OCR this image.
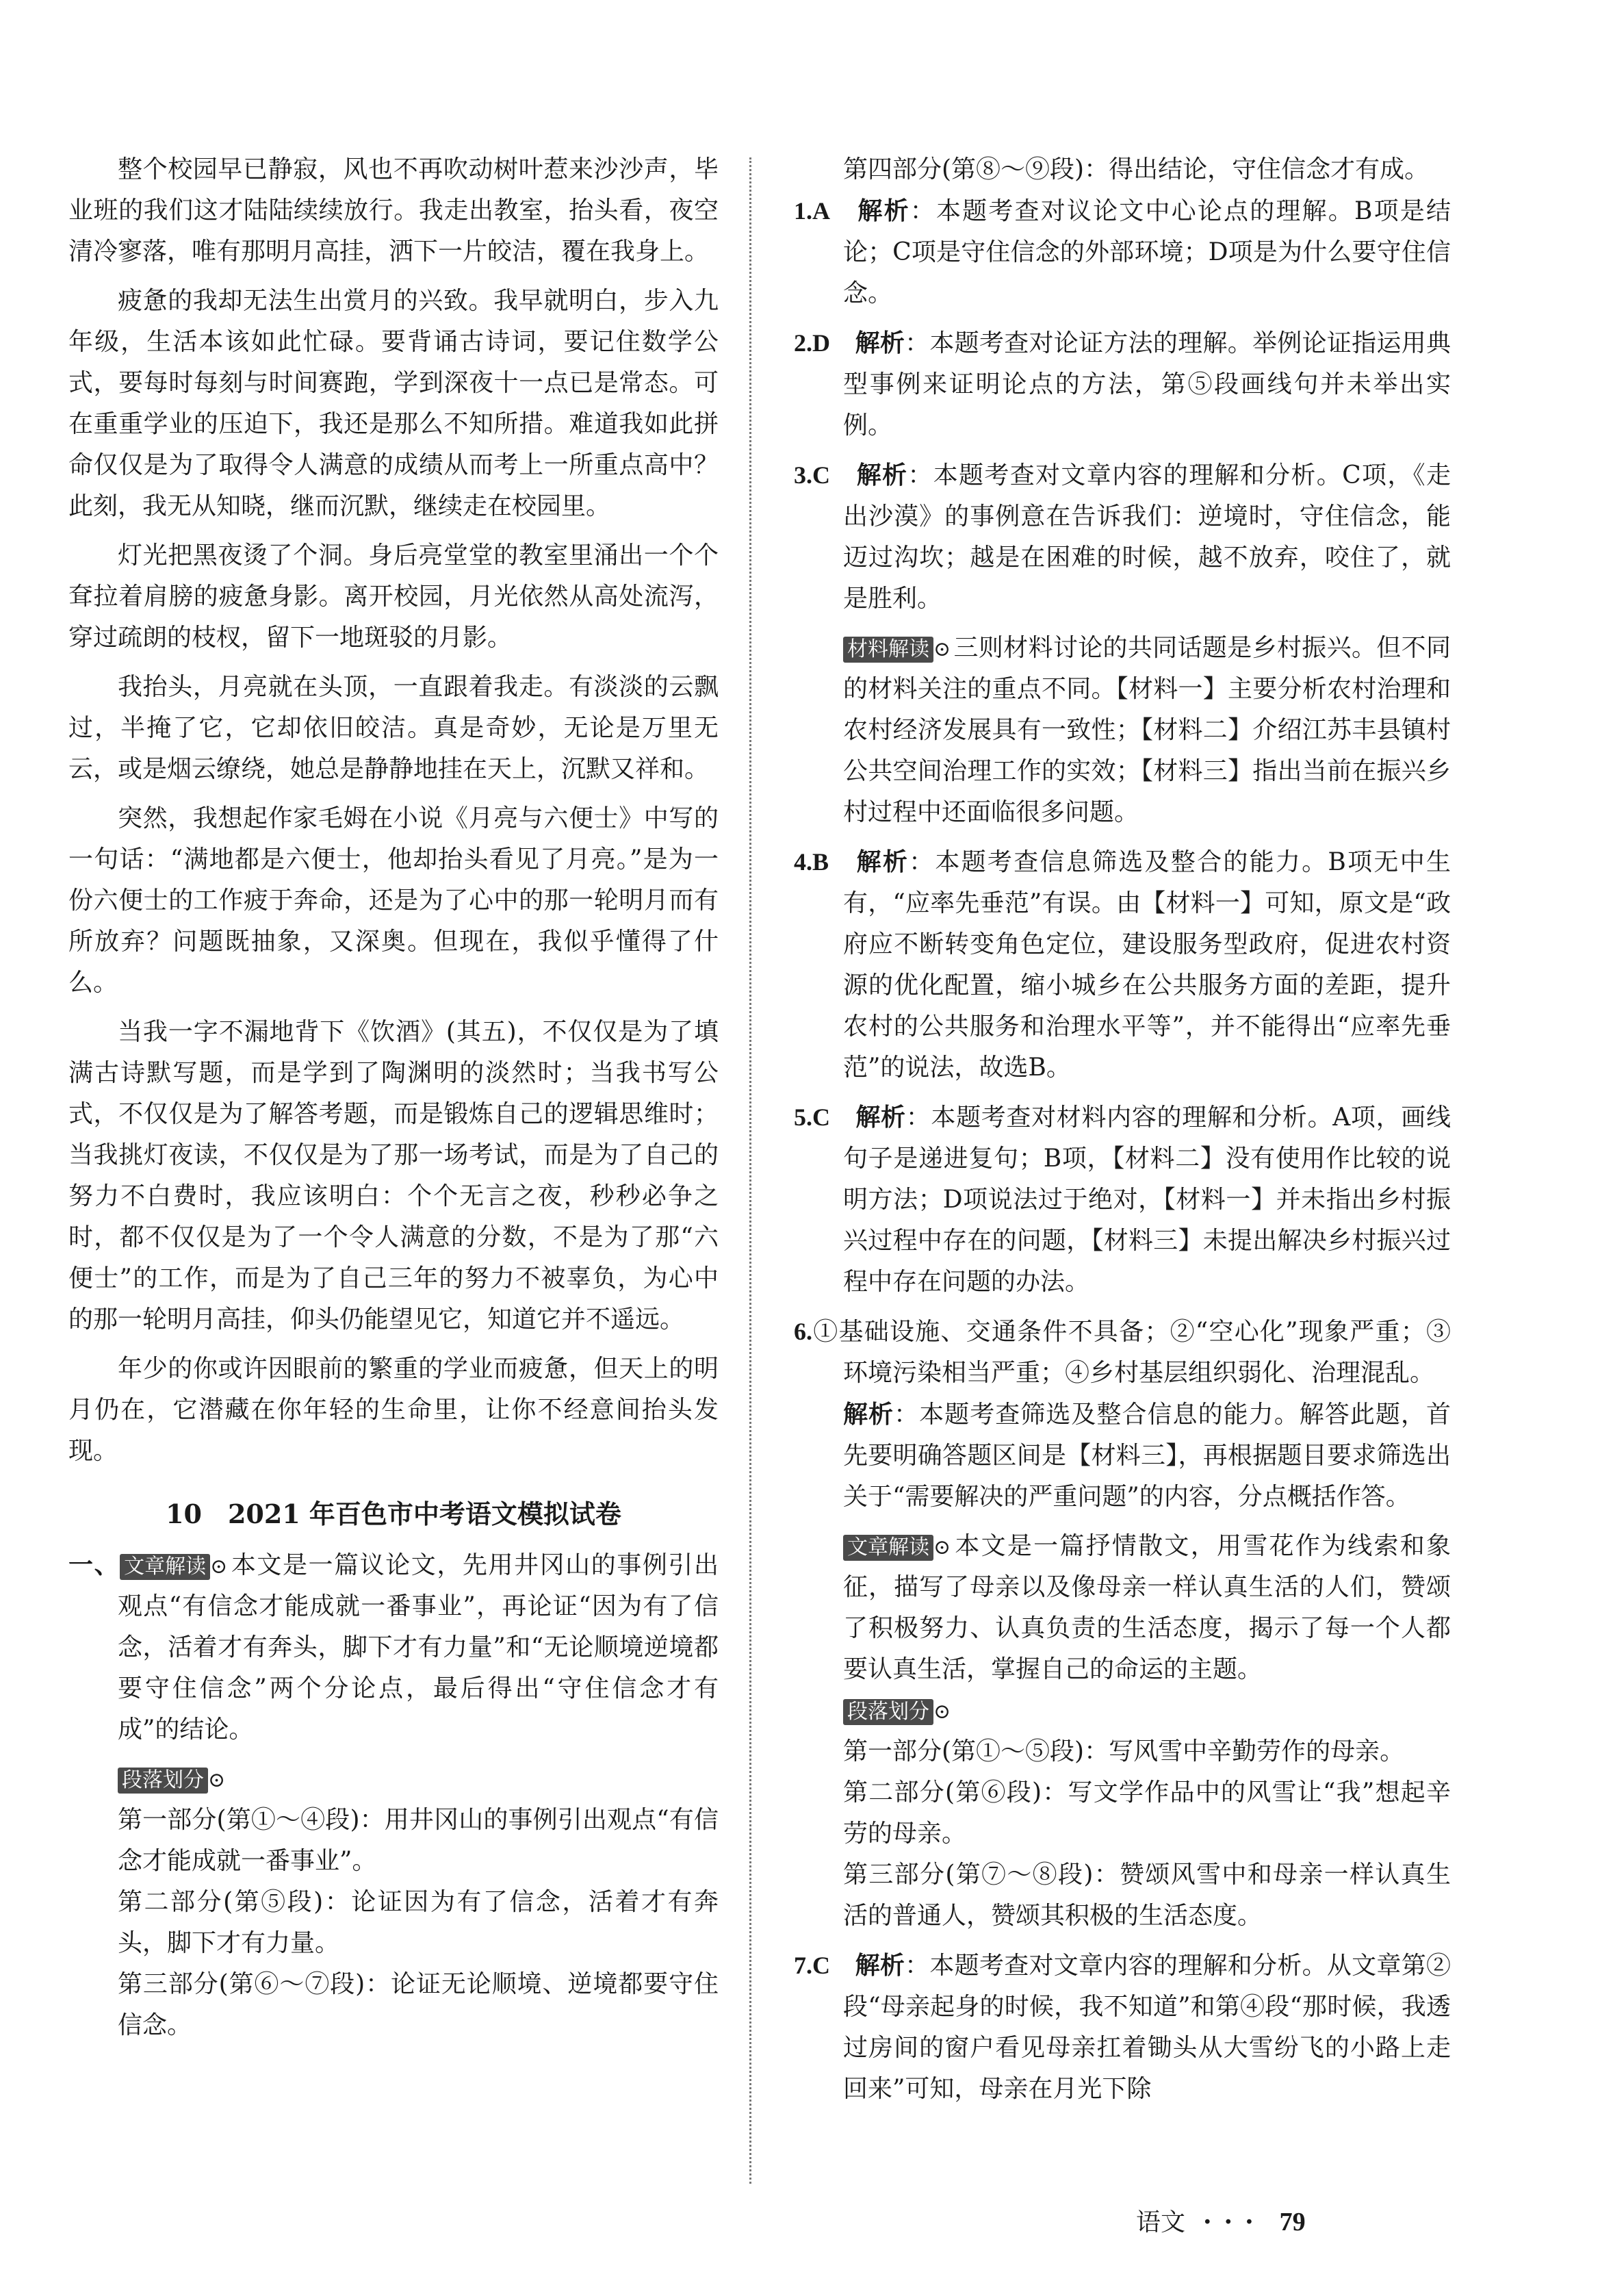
整个校园早已静寂，风也不再吹动树叶惹来沙沙声，毕业班的我们这才陆陆续续放行。我走出教室，抬头看，夜空清冷寥落，唯有那明月高挂，洒下一片皎洁，覆在我身上。

疲惫的我却无法生出赏月的兴致。我早就明白，步入九年级，生活本该如此忙碌。要背诵古诗词，要记住数学公式，要每时每刻与时间赛跑，学到深夜十一点已是常态。可在重重学业的压迫下，我还是那么不知所措。难道我如此拼命仅仅是为了取得令人满意的成绩从而考上一所重点高中？此刻，我无从知晓，继而沉默，继续走在校园里。

灯光把黑夜烫了个洞。身后亮堂堂的教室里涌出一个个耷拉着肩膀的疲惫身影。离开校园，月光依然从高处流泻，穿过疏朗的枝杈，留下一地斑驳的月影。

我抬头，月亮就在头顶，一直跟着我走。有淡淡的云飘过，半掩了它，它却依旧皎洁。真是奇妙，无论是万里无云，或是烟云缭绕，她总是静静地挂在天上，沉默又祥和。

突然，我想起作家毛姆在小说《月亮与六便士》中写的一句话：“满地都是六便士，他却抬头看见了月亮。”是为一份六便士的工作疲于奔命，还是为了心中的那一轮明月而有所放弃？问题既抽象，又深奥。但现在，我似乎懂得了什么。

当我一字不漏地背下《饮酒》(其五)，不仅仅是为了填满古诗默写题，而是学到了陶渊明的淡然时；当我书写公式，不仅仅是为了解答考题，而是锻炼自己的逻辑思维时；当我挑灯夜读，不仅仅是为了那一场考试，而是为了自己的努力不白费时，我应该明白：个个无言之夜，秒秒必争之时，都不仅仅是为了一个令人满意的分数，不是为了那“六便士”的工作，而是为了自己三年的努力不被辜负，为心中的那一轮明月高挂，仰头仍能望见它，知道它并不遥远。

年少的你或许因眼前的繁重的学业而疲惫，但天上的明月仍在，它潜藏在你年轻的生命里，让你不经意间抬头发现。

10　2021 年百色市中考语文模拟试卷

一、 文章解读 ⊙ 本文是一篇议论文，先用井冈山的事例引出观点“有信念才能成就一番事业”，再论证“因为有了信念，活着才有奔头，脚下才有力量”和“无论顺境逆境都要守住信念”两个分论点，最后得出“守住信念才有成”的结论。

段落划分 ⊙

第一部分(第①～④段)：用井冈山的事例引出观点“有信念才能成就一番事业”。

第二部分(第⑤段)：论证因为有了信念，活着才有奔头，脚下才有力量。

第三部分(第⑥～⑦段)：论证无论顺境、逆境都要守住信念。

第四部分(第⑧～⑨段)：得出结论，守住信念才有成。

1.A　 解析：本题考查对议论文中心论点的理解。B项是结论；C项是守住信念的外部环境；D项是为什么要守住信念。

2.D　 解析：本题考查对论证方法的理解。举例论证指运用典型事例来证明论点的方法，第⑤段画线句并未举出实例。

3.C　 解析：本题考查对文章内容的理解和分析。C项，《走出沙漠》的事例意在告诉我们：逆境时，守住信念，能迈过沟坎；越是在困难的时候，越不放弃，咬住了，就是胜利。

材料解读 ⊙ 三则材料讨论的共同话题是乡村振兴。但不同的材料关注的重点不同。【材料一】主要分析农村治理和农村经济发展具有一致性；【材料二】介绍江苏丰县镇村公共空间治理工作的实效；【材料三】指出当前在振兴乡村过程中还面临很多问题。

4.B　 解析：本题考查信息筛选及整合的能力。B项无中生有，“应率先垂范”有误。由【材料一】可知，原文是“政府应不断转变角色定位，建设服务型政府，促进农村资源的优化配置，缩小城乡在公共服务方面的差距，提升农村的公共服务和治理水平等”，并不能得出“应率先垂范”的说法，故选B。

5.C　 解析：本题考查对材料内容的理解和分析。A项，画线句子是递进复句；B项，【材料二】没有使用作比较的说明方法；D项说法过于绝对，【材料一】并未指出乡村振兴过程中存在的问题，【材料三】未提出解决乡村振兴过程中存在问题的办法。

6.①基础设施、交通条件不具备；②“空心化”现象严重；③环境污染相当严重；④乡村基层组织弱化、治理混乱。

解析：本题考查筛选及整合信息的能力。解答此题，首先要明确答题区间是【材料三】，再根据题目要求筛选出关于“需要解决的严重问题”的内容，分点概括作答。

文章解读 ⊙ 本文是一篇抒情散文，用雪花作为线索和象征，描写了母亲以及像母亲一样认真生活的人们，赞颂了积极努力、认真负责的生活态度，揭示了每一个人都要认真生活，掌握自己的命运的主题。

段落划分 ⊙

第一部分(第①～⑤段)：写风雪中辛勤劳作的母亲。

第二部分(第⑥段)：写文学作品中的风雪让“我”想起辛劳的母亲。

第三部分(第⑦～⑧段)：赞颂风雪中和母亲一样认真生活的普通人，赞颂其积极的生活态度。

7.C　 解析：本题考查对文章内容的理解和分析。从文章第②段“母亲起身的时候，我不知道”和第④段“那时候，我透过房间的窗户看见母亲扛着锄头从大雪纷飞的小路上走回来”可知，母亲在月光下除

语文 ··· 79
